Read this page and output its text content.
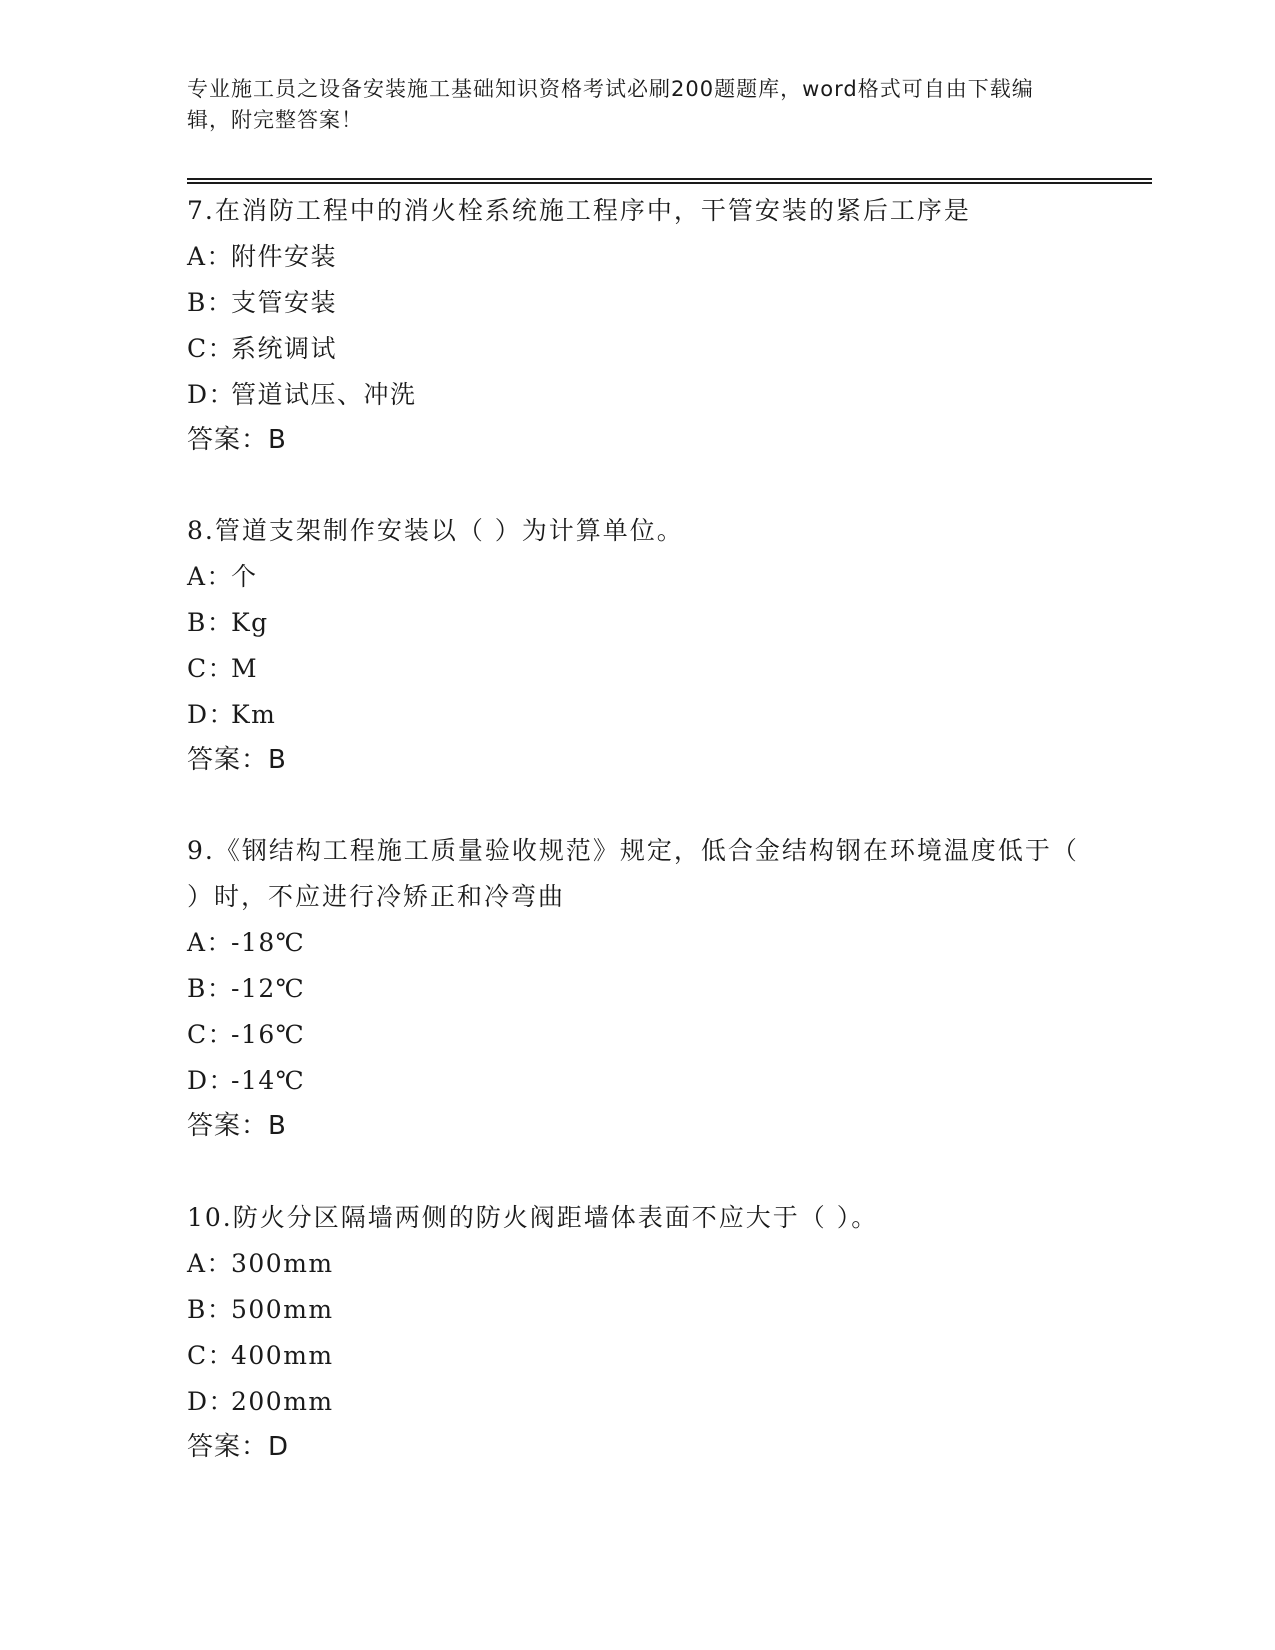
专业施工员之设备安装施工基础知识资格考试必刷200题题库，word格式可自由下载编辑，附完整答案！

7.在消防工程中的消火栓系统施工程序中，干管安装的紧后工序是

A：附件安装

B：支管安装

C：系统调试

D：管道试压、冲洗

答案：B

8.管道支架制作安装以（ ）为计算单位。

A：个

B：Kg

C：M

D：Km

答案：B

9.《钢结构工程施工质量验收规范》规定，低合金结构钢在环境温度低于（ ）时，不应进行冷矫正和冷弯曲

A：-18℃

B：-12℃

C：-16℃

D：-14℃

答案：B

10.防火分区隔墙两侧的防火阀距墙体表面不应大于（ ）。

A：300mm

B：500mm

C：400mm

D：200mm

答案：D
